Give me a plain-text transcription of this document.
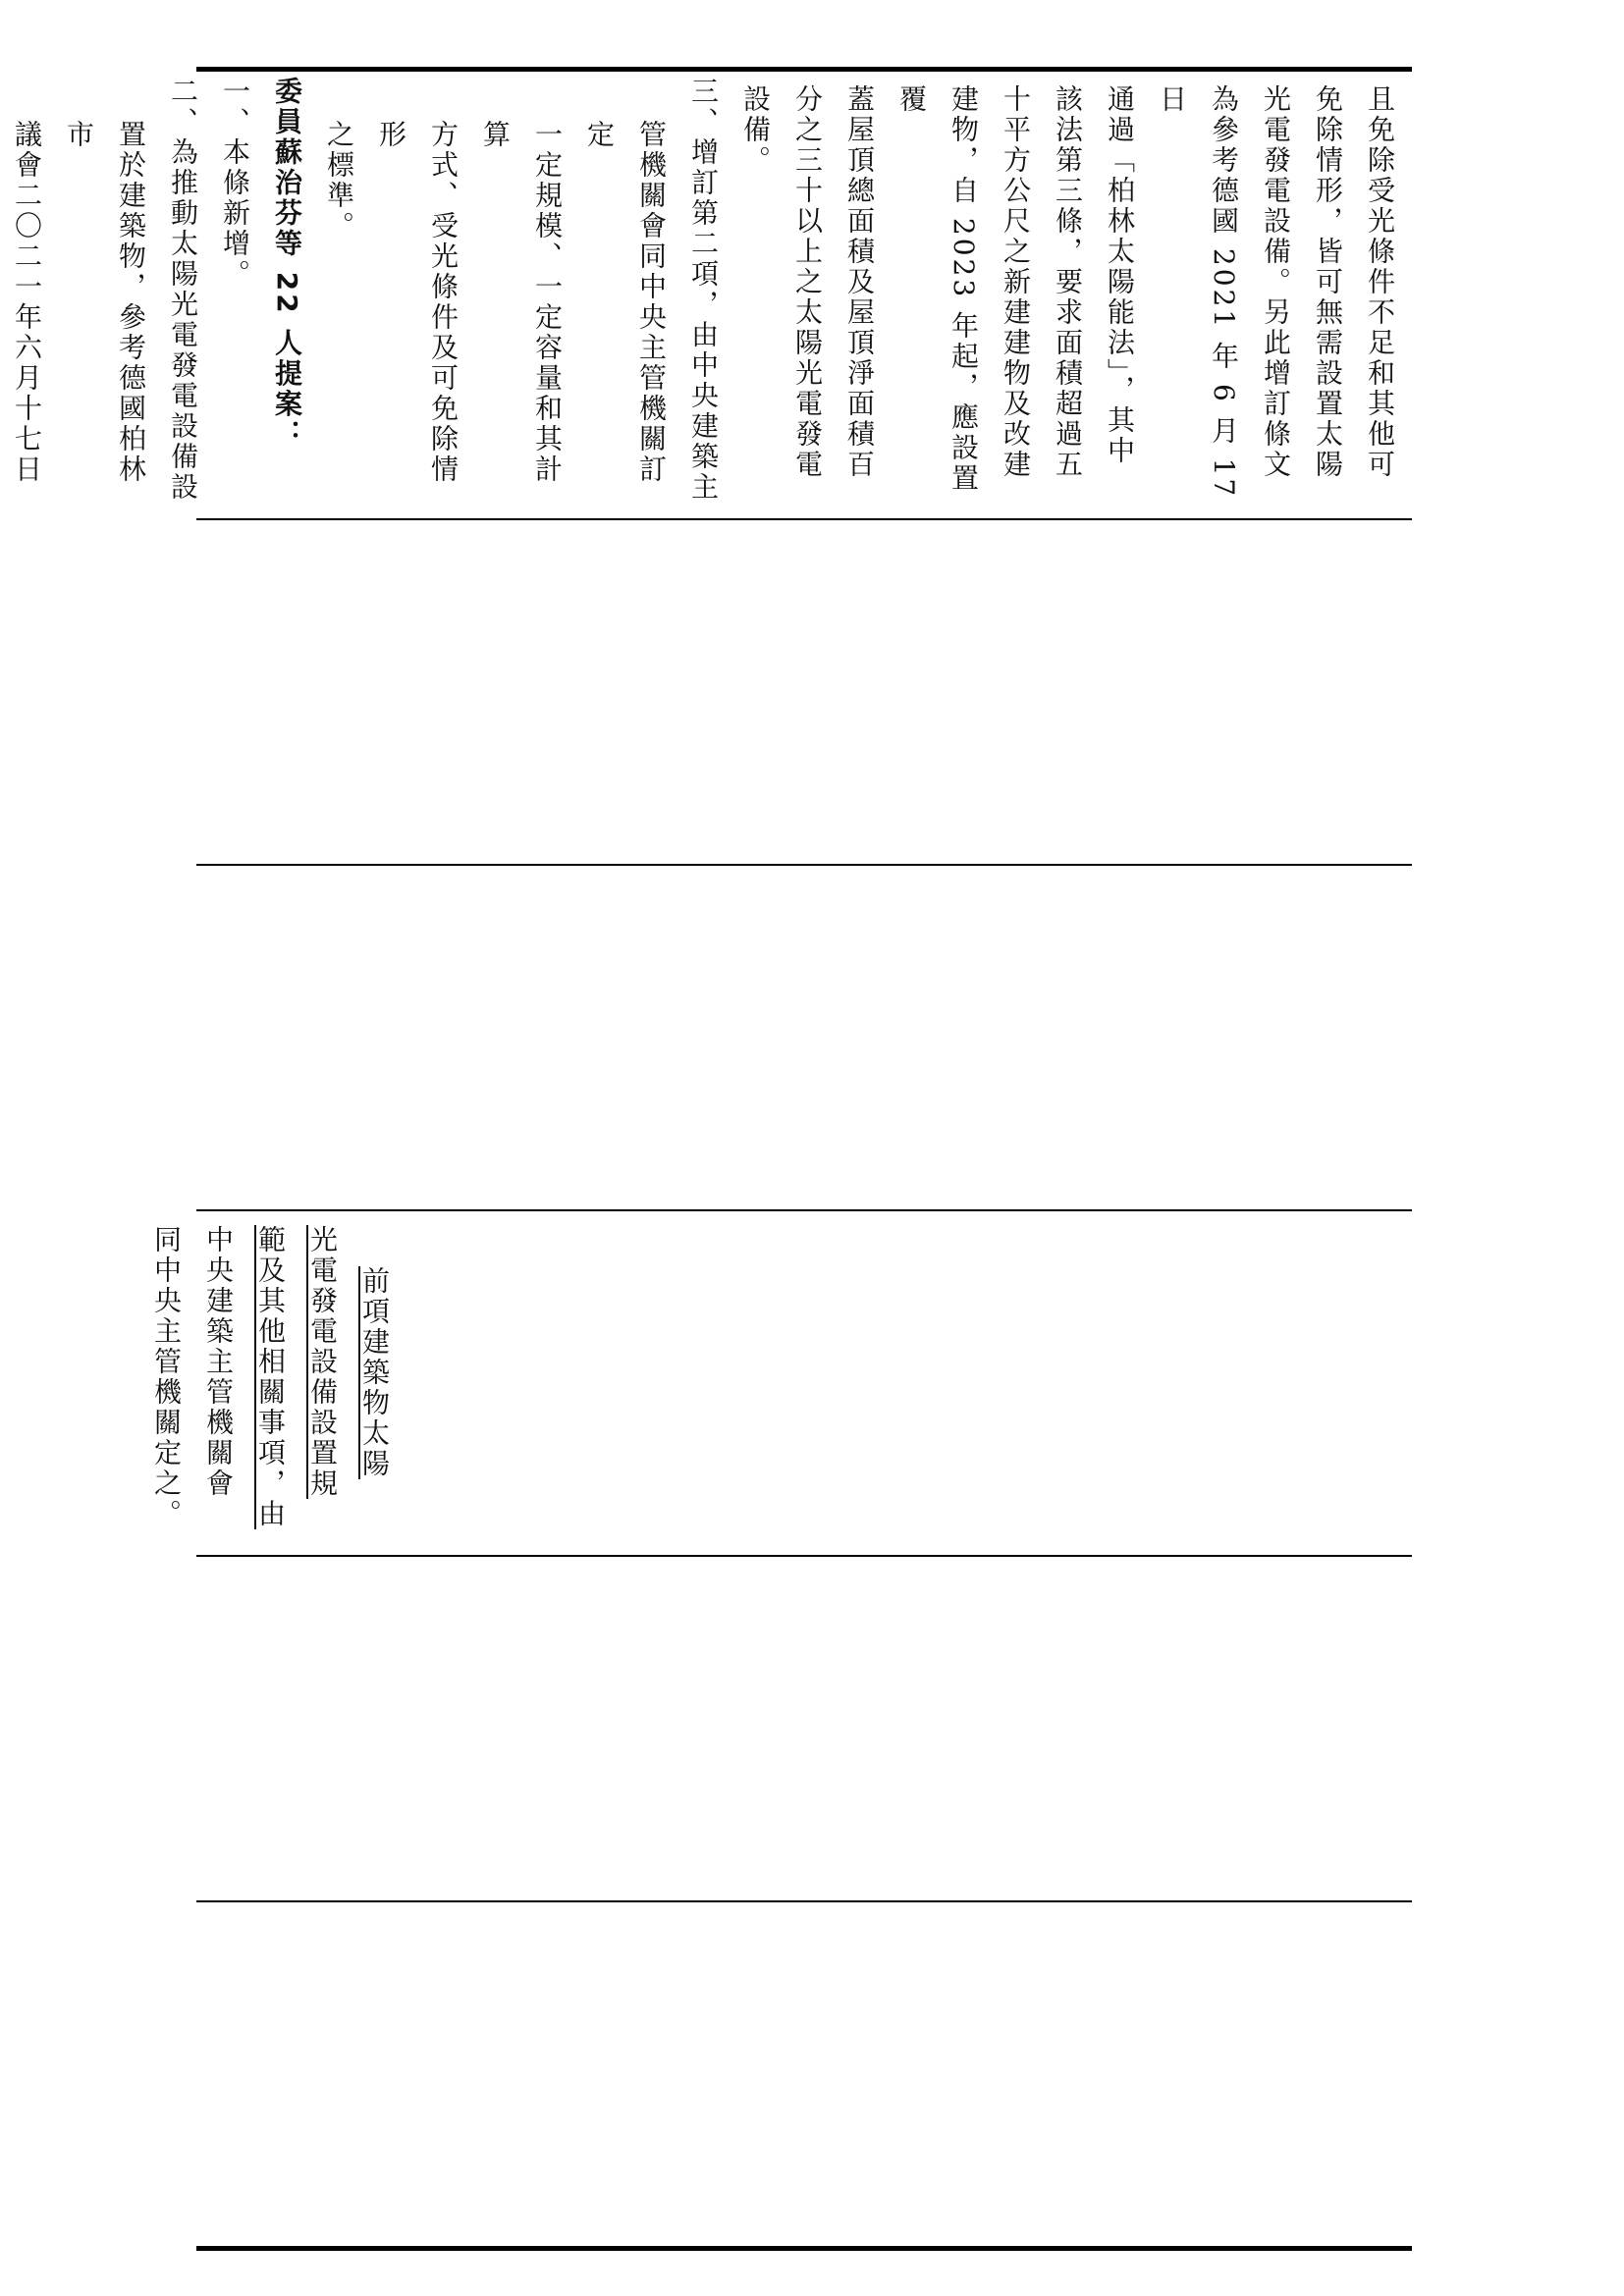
且免除受光條件不足和其他可

免除情形，皆可無需設置太陽

光電發電設備。另此增訂條文

為參考德國 2021 年 6 月 17 日

通過「柏林太陽能法」，其中

該法第三條，要求面積超過五

十平方公尺之新建建物及改建

建物，自 2023 年起，應設置覆

蓋屋頂總面積及屋頂淨面積百

分之三十以上之太陽光電發電

設備。

三、增訂第二項，由中央建築主

管機關會同中央主管機關訂定

一定規模、一定容量和其計算

方式、受光條件及可免除情形

之標準。

委員蘇治芬等 22 人提案：

一、本條新增。

二、為推動太陽光電發電設備設

置於建築物，參考德國柏林市

議會二〇二一年六月十七日

前項建築物太陽

光電發電設備設置規

範及其他相關事項，由

中央建築主管機關會

同中央主管機關定之。
